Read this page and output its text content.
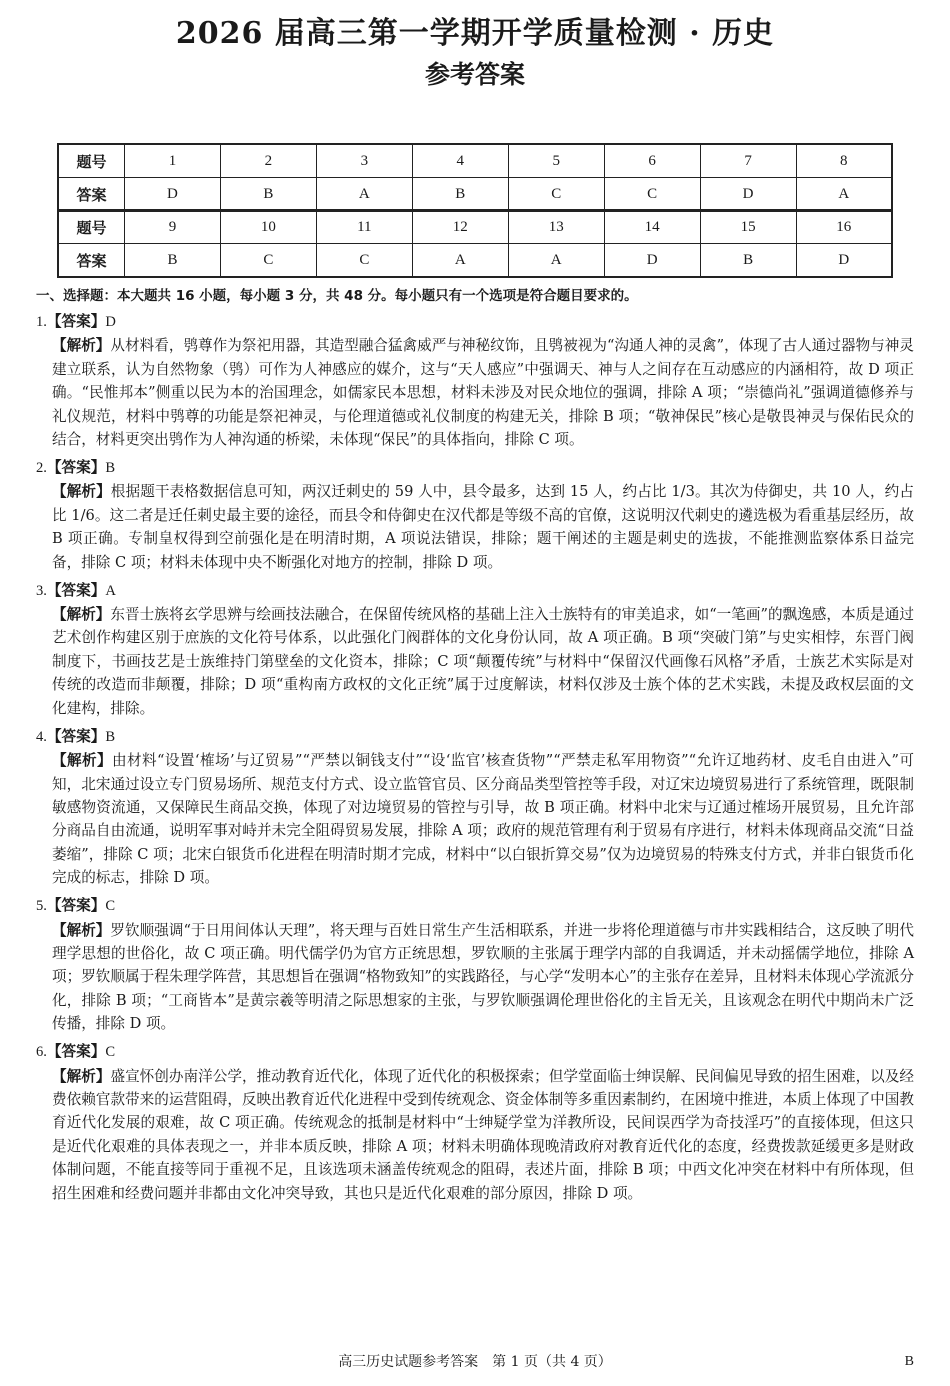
2026 届高三第一学期开学质量检测 · 历史
参考答案
题号	1	2	3	4	5	6	7	8
答案	D	B	A	B	C	C	D	A
题号	9	10	11	12	13	14	15	16
答案	B	C	C	A	A	D	B	D
一、选择题：本大题共 16 小题，每小题 3 分，共 48 分。每小题只有一个选项是符合题目要求的。

1.【答案】D

【解析】从材料看，鸮尊作为祭祀用器，其造型融合猛禽威严与神秘纹饰，且鸮被视为“沟通人神的灵禽”，体现了古人通过器物与神灵建立联系，认为自然物象（鸮）可作为人神感应的媒介，这与“天人感应”中强调天、神与人之间存在互动感应的内涵相符，故 D 项正确。“民惟邦本”侧重以民为本的治国理念，如儒家民本思想，材料未涉及对民众地位的强调，排除 A 项；“崇德尚礼”强调道德修养与礼仪规范，材料中鸮尊的功能是祭祀神灵，与伦理道德或礼仪制度的构建无关，排除 B 项；“敬神保民”核心是敬畏神灵与保佑民众的结合，材料更突出鸮作为人神沟通的桥梁，未体现“保民”的具体指向，排除 C 项。

2.【答案】B

【解析】根据题干表格数据信息可知，两汉迁刺史的 59 人中，县令最多，达到 15 人，约占比 1/3。其次为侍御史，共 10 人，约占比 1/6。这二者是迁任刺史最主要的途径，而县令和侍御史在汉代都是等级不高的官僚，这说明汉代刺史的遴选极为看重基层经历，故 B 项正确。专制皇权得到空前强化是在明清时期，A 项说法错误，排除；题干阐述的主题是刺史的选拔，不能推测监察体系日益完备，排除 C 项；材料未体现中央不断强化对地方的控制，排除 D 项。

3.【答案】A

【解析】东晋士族将玄学思辨与绘画技法融合，在保留传统风格的基础上注入士族特有的审美追求，如“一笔画”的飘逸感，本质是通过艺术创作构建区别于庶族的文化符号体系，以此强化门阀群体的文化身份认同，故 A 项正确。B 项“突破门第”与史实相悖，东晋门阀制度下，书画技艺是士族维持门第壁垒的文化资本，排除；C 项“颠覆传统”与材料中“保留汉代画像石风格”矛盾，士族艺术实际是对传统的改造而非颠覆，排除；D 项“重构南方政权的文化正统”属于过度解读，材料仅涉及士族个体的艺术实践，未提及政权层面的文化建构，排除。

4.【答案】B

【解析】由材料“设置‘榷场’与辽贸易”“严禁以铜钱支付”“设‘监官’核查货物”“严禁走私军用物资”“允许辽地药材、皮毛自由进入”可知，北宋通过设立专门贸易场所、规范支付方式、设立监管官员、区分商品类型管控等手段，对辽宋边境贸易进行了系统管理，既限制敏感物资流通，又保障民生商品交换，体现了对边境贸易的管控与引导，故 B 项正确。材料中北宋与辽通过榷场开展贸易，且允许部分商品自由流通，说明军事对峙并未完全阻碍贸易发展，排除 A 项；政府的规范管理有利于贸易有序进行，材料未体现商品交流“日益萎缩”，排除 C 项；北宋白银货币化进程在明清时期才完成，材料中“以白银折算交易”仅为边境贸易的特殊支付方式，并非白银货币化完成的标志，排除 D 项。

5.【答案】C

【解析】罗钦顺强调“于日用间体认天理”，将天理与百姓日常生产生活相联系，并进一步将伦理道德与市井实践相结合，这反映了明代理学思想的世俗化，故 C 项正确。明代儒学仍为官方正统思想，罗钦顺的主张属于理学内部的自我调适，并未动摇儒学地位，排除 A 项；罗钦顺属于程朱理学阵营，其思想旨在强调“格物致知”的实践路径，与心学“发明本心”的主张存在差异，且材料未体现心学流派分化，排除 B 项；“工商皆本”是黄宗羲等明清之际思想家的主张，与罗钦顺强调伦理世俗化的主旨无关，且该观念在明代中期尚未广泛传播，排除 D 项。

6.【答案】C

【解析】盛宣怀创办南洋公学，推动教育近代化，体现了近代化的积极探索；但学堂面临士绅误解、民间偏见导致的招生困难，以及经费依赖官款带来的运营阻碍，反映出教育近代化进程中受到传统观念、资金体制等多重因素制约，在困境中推进，本质上体现了中国教育近代化发展的艰难，故 C 项正确。传统观念的抵制是材料中“士绅疑学堂为洋教所设，民间误西学为奇技淫巧”的直接体现，但这只是近代化艰难的具体表现之一，并非本质反映，排除 A 项；材料未明确体现晚清政府对教育近代化的态度，经费拨款延缓更多是财政体制问题，不能直接等同于重视不足，且该选项未涵盖传统观念的阻碍，表述片面，排除 B 项；中西文化冲突在材料中有所体现，但招生困难和经费问题并非都由文化冲突导致，其也只是近代化艰难的部分原因，排除 D 项。

高三历史试题参考答案　第 1 页（共 4 页）	B
